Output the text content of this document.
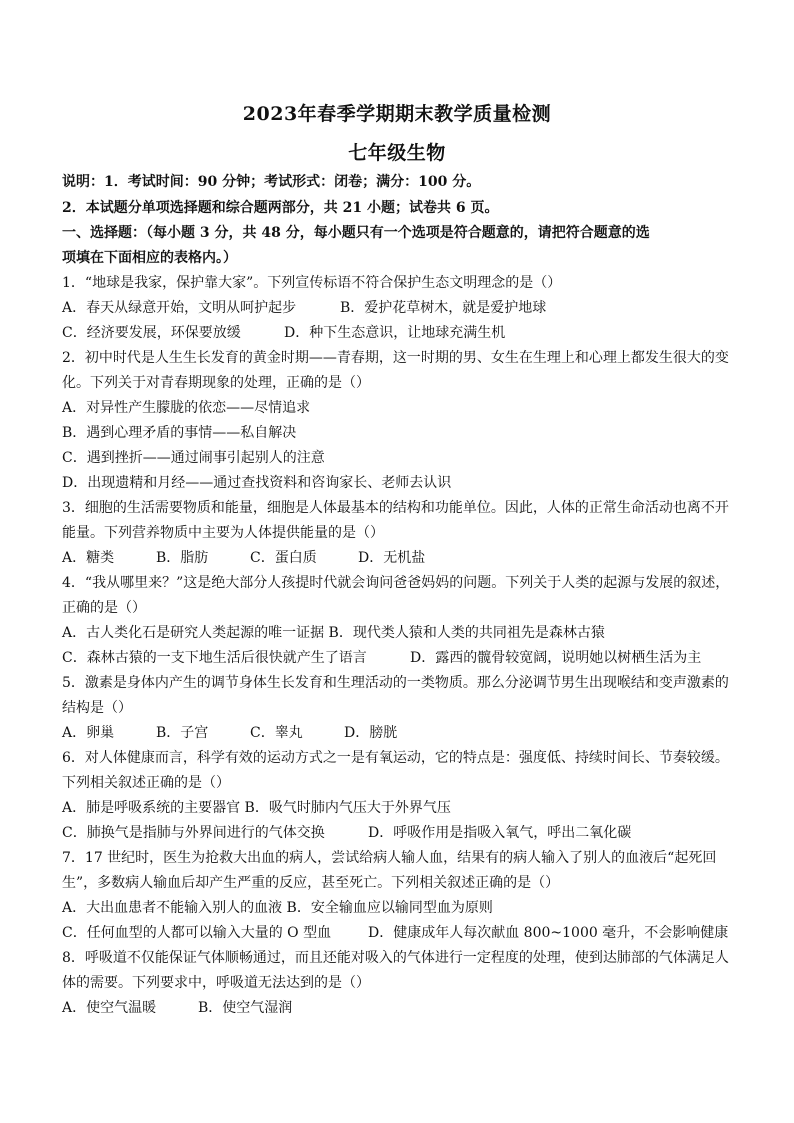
2023年春季学期期末教学质量检测
七年级生物
说明：1．考试时间：90 分钟；考试形式：闭卷；满分：100 分。
2．本试题分单项选择题和综合题两部分，共 21 小题；试卷共 6 页。
一、选择题：（每小题 3 分，共 48 分，每小题只有一个选项是符合题意的，请把符合题意的选
项填在下面相应的表格内。）
1．“地球是我家，保护靠大家”。下列宣传标语不符合保护生态文明理念的是（）
A．春天从绿意开始，文明从呵护起步	B．爱护花草树木，就是爱护地球
C．经济要发展，环保要放缓	D．种下生态意识，让地球充满生机
2．初中时代是人生生长发育的黄金时期——青春期，这一时期的男、女生在生理上和心理上都发生很大的变
化。下列关于对青春期现象的处理，正确的是（）
A．对异性产生朦胧的依恋——尽情追求
B．遇到心理矛盾的事情——私自解决
C．遇到挫折——通过闹事引起别人的注意
D．出现遗精和月经——通过查找资料和咨询家长、老师去认识
3．细胞的生活需要物质和能量，细胞是人体最基本的结构和功能单位。因此，人体的正常生命活动也离不开
能量。下列营养物质中主要为人体提供能量的是（）
A．糖类	B．脂肪	C．蛋白质	D．无机盐
4．“我从哪里来？”这是绝大部分人孩提时代就会询问爸爸妈妈的问题。下列关于人类的起源与发展的叙述，
正确的是（）
A．古人类化石是研究人类起源的唯一证据 B．现代类人猿和人类的共同祖先是森林古猿
C．森林古猿的一支下地生活后很快就产生了语言	D．露西的髋骨较宽阔，说明她以树栖生活为主
5．激素是身体内产生的调节身体生长发育和生理活动的一类物质。那么分泌调节男生出现喉结和变声激素的
结构是（）
A．卵巢	B．子宫	C．睾丸	D．膀胱
6．对人体健康而言，科学有效的运动方式之一是有氧运动，它的特点是：强度低、持续时间长、节奏较缓。
下列相关叙述正确的是（）
A．肺是呼吸系统的主要器官 B．吸气时肺内气压大于外界气压
C．肺换气是指肺与外界间进行的气体交换	D．呼吸作用是指吸入氧气，呼出二氧化碳
7．17 世纪时，医生为抢救大出血的病人，尝试给病人输人血，结果有的病人输入了别人的血液后“起死回
生”，多数病人输血后却产生严重的反应，甚至死亡。下列相关叙述正确的是（）
A．大出血患者不能输入别人的血液 B．安全输血应以输同型血为原则
C．任何血型的人都可以输入大量的 O 型血	D．健康成年人每次献血 800~1000 毫升，不会影响健康
8．呼吸道不仅能保证气体顺畅通过，而且还能对吸入的气体进行一定程度的处理，使到达肺部的气体满足人
体的需要。下列要求中，呼吸道无法达到的是（）
A．使空气温暖	B．使空气湿润
